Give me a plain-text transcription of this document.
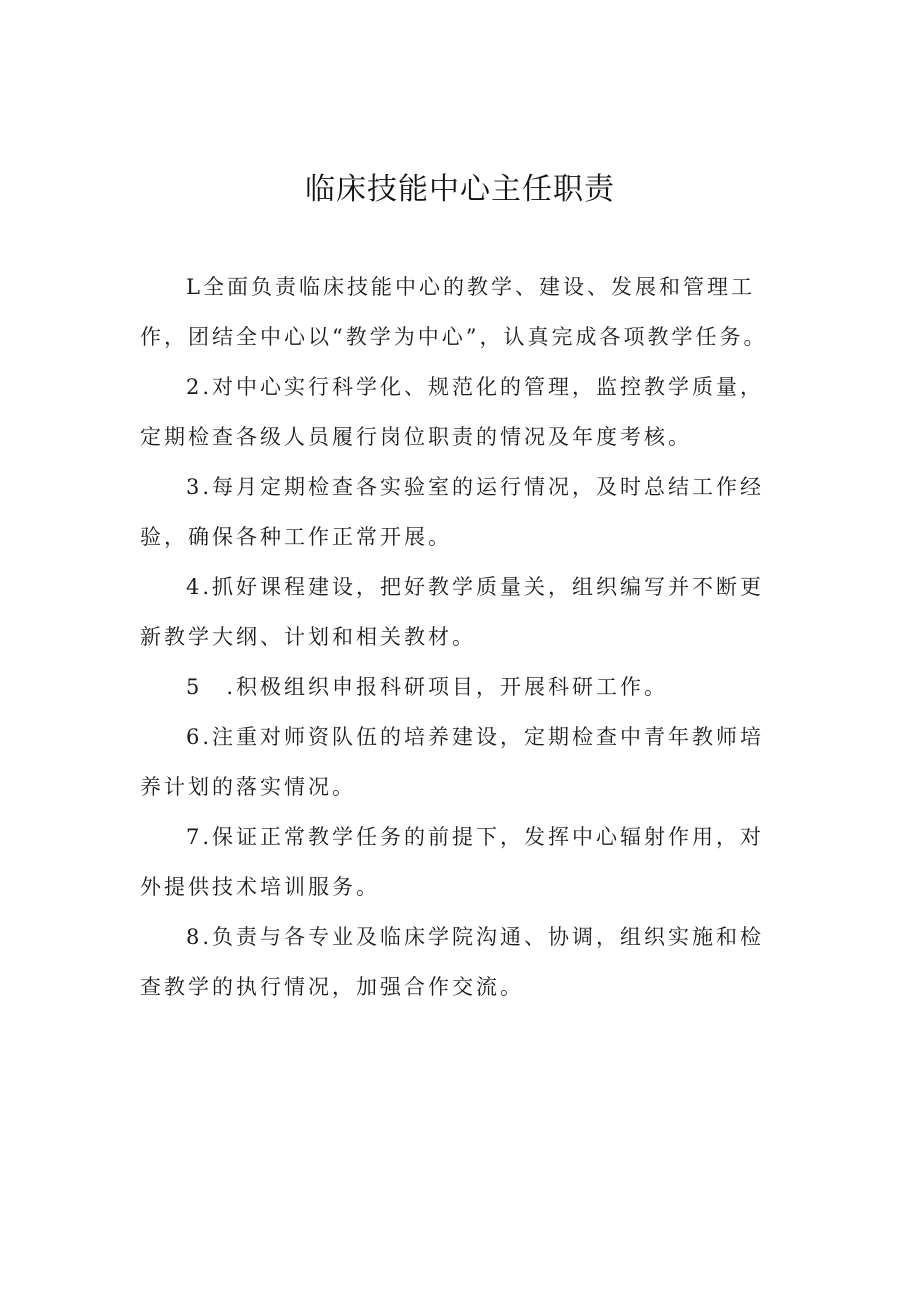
临床技能中心主任职责

L全面负责临床技能中心的教学、建设、发展和管理工作，团结全中心以“教学为中心”，认真完成各项教学任务。

2.对中心实行科学化、规范化的管理，监控教学质量，定期检查各级人员履行岗位职责的情况及年度考核。

3.每月定期检查各实验室的运行情况，及时总结工作经验，确保各种工作正常开展。

4.抓好课程建设，把好教学质量关，组织编写并不断更新教学大纲、计划和相关教材。

5　.积极组织申报科研项目，开展科研工作。

6.注重对师资队伍的培养建设，定期检查中青年教师培养计划的落实情况。

7.保证正常教学任务的前提下，发挥中心辐射作用，对外提供技术培训服务。

8.负责与各专业及临床学院沟通、协调，组织实施和检查教学的执行情况，加强合作交流。
